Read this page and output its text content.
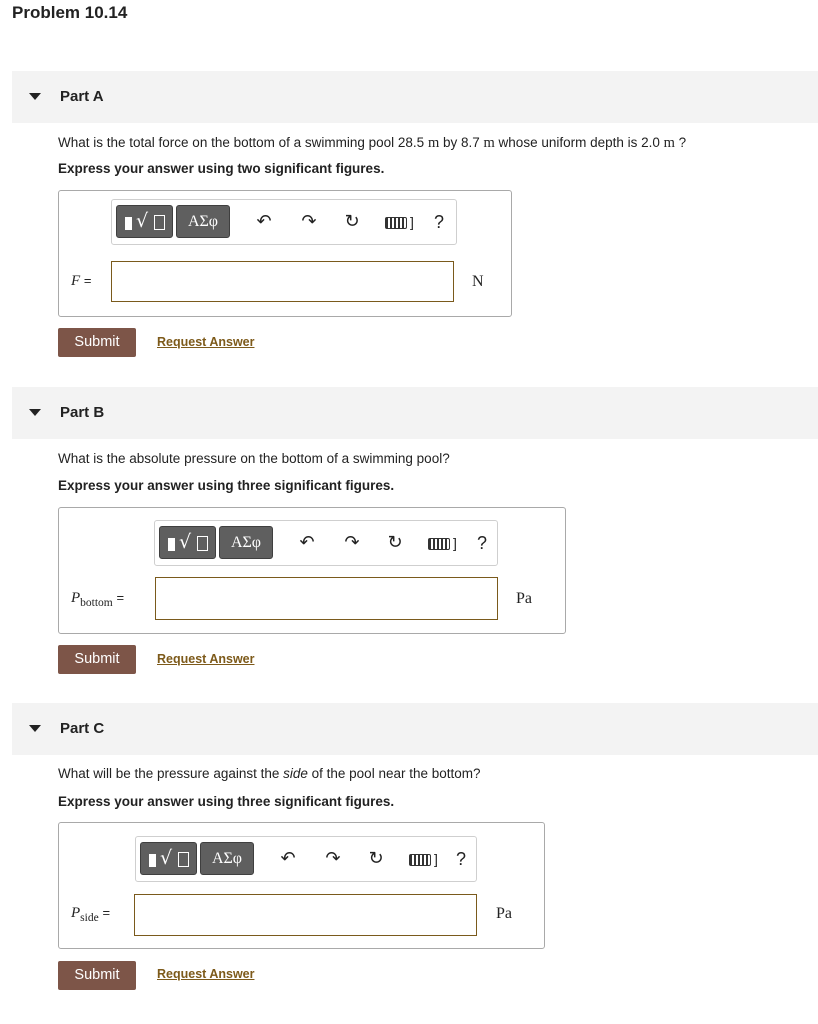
Problem 10.14
Part A
What is the total force on the bottom of a swimming pool 28.5 m by 8.7 m whose uniform depth is 2.0 m ?
Express your answer using two significant figures.
√	ΑΣφ	↶ ↷ ↻	] ?
F =	N
Submit	Request Answer
Part B
What is the absolute pressure on the bottom of a swimming pool?
Express your answer using three significant figures.
√	ΑΣφ	↶ ↷ ↻	] ?
$P_{bottom}$ =	Pa
Submit	Request Answer
Part C
What will be the pressure against the side of the pool near the bottom?
Express your answer using three significant figures.
√	ΑΣφ	↶ ↷ ↻	] ?
$P_{side}$ =	Pa
Submit	Request Answer
